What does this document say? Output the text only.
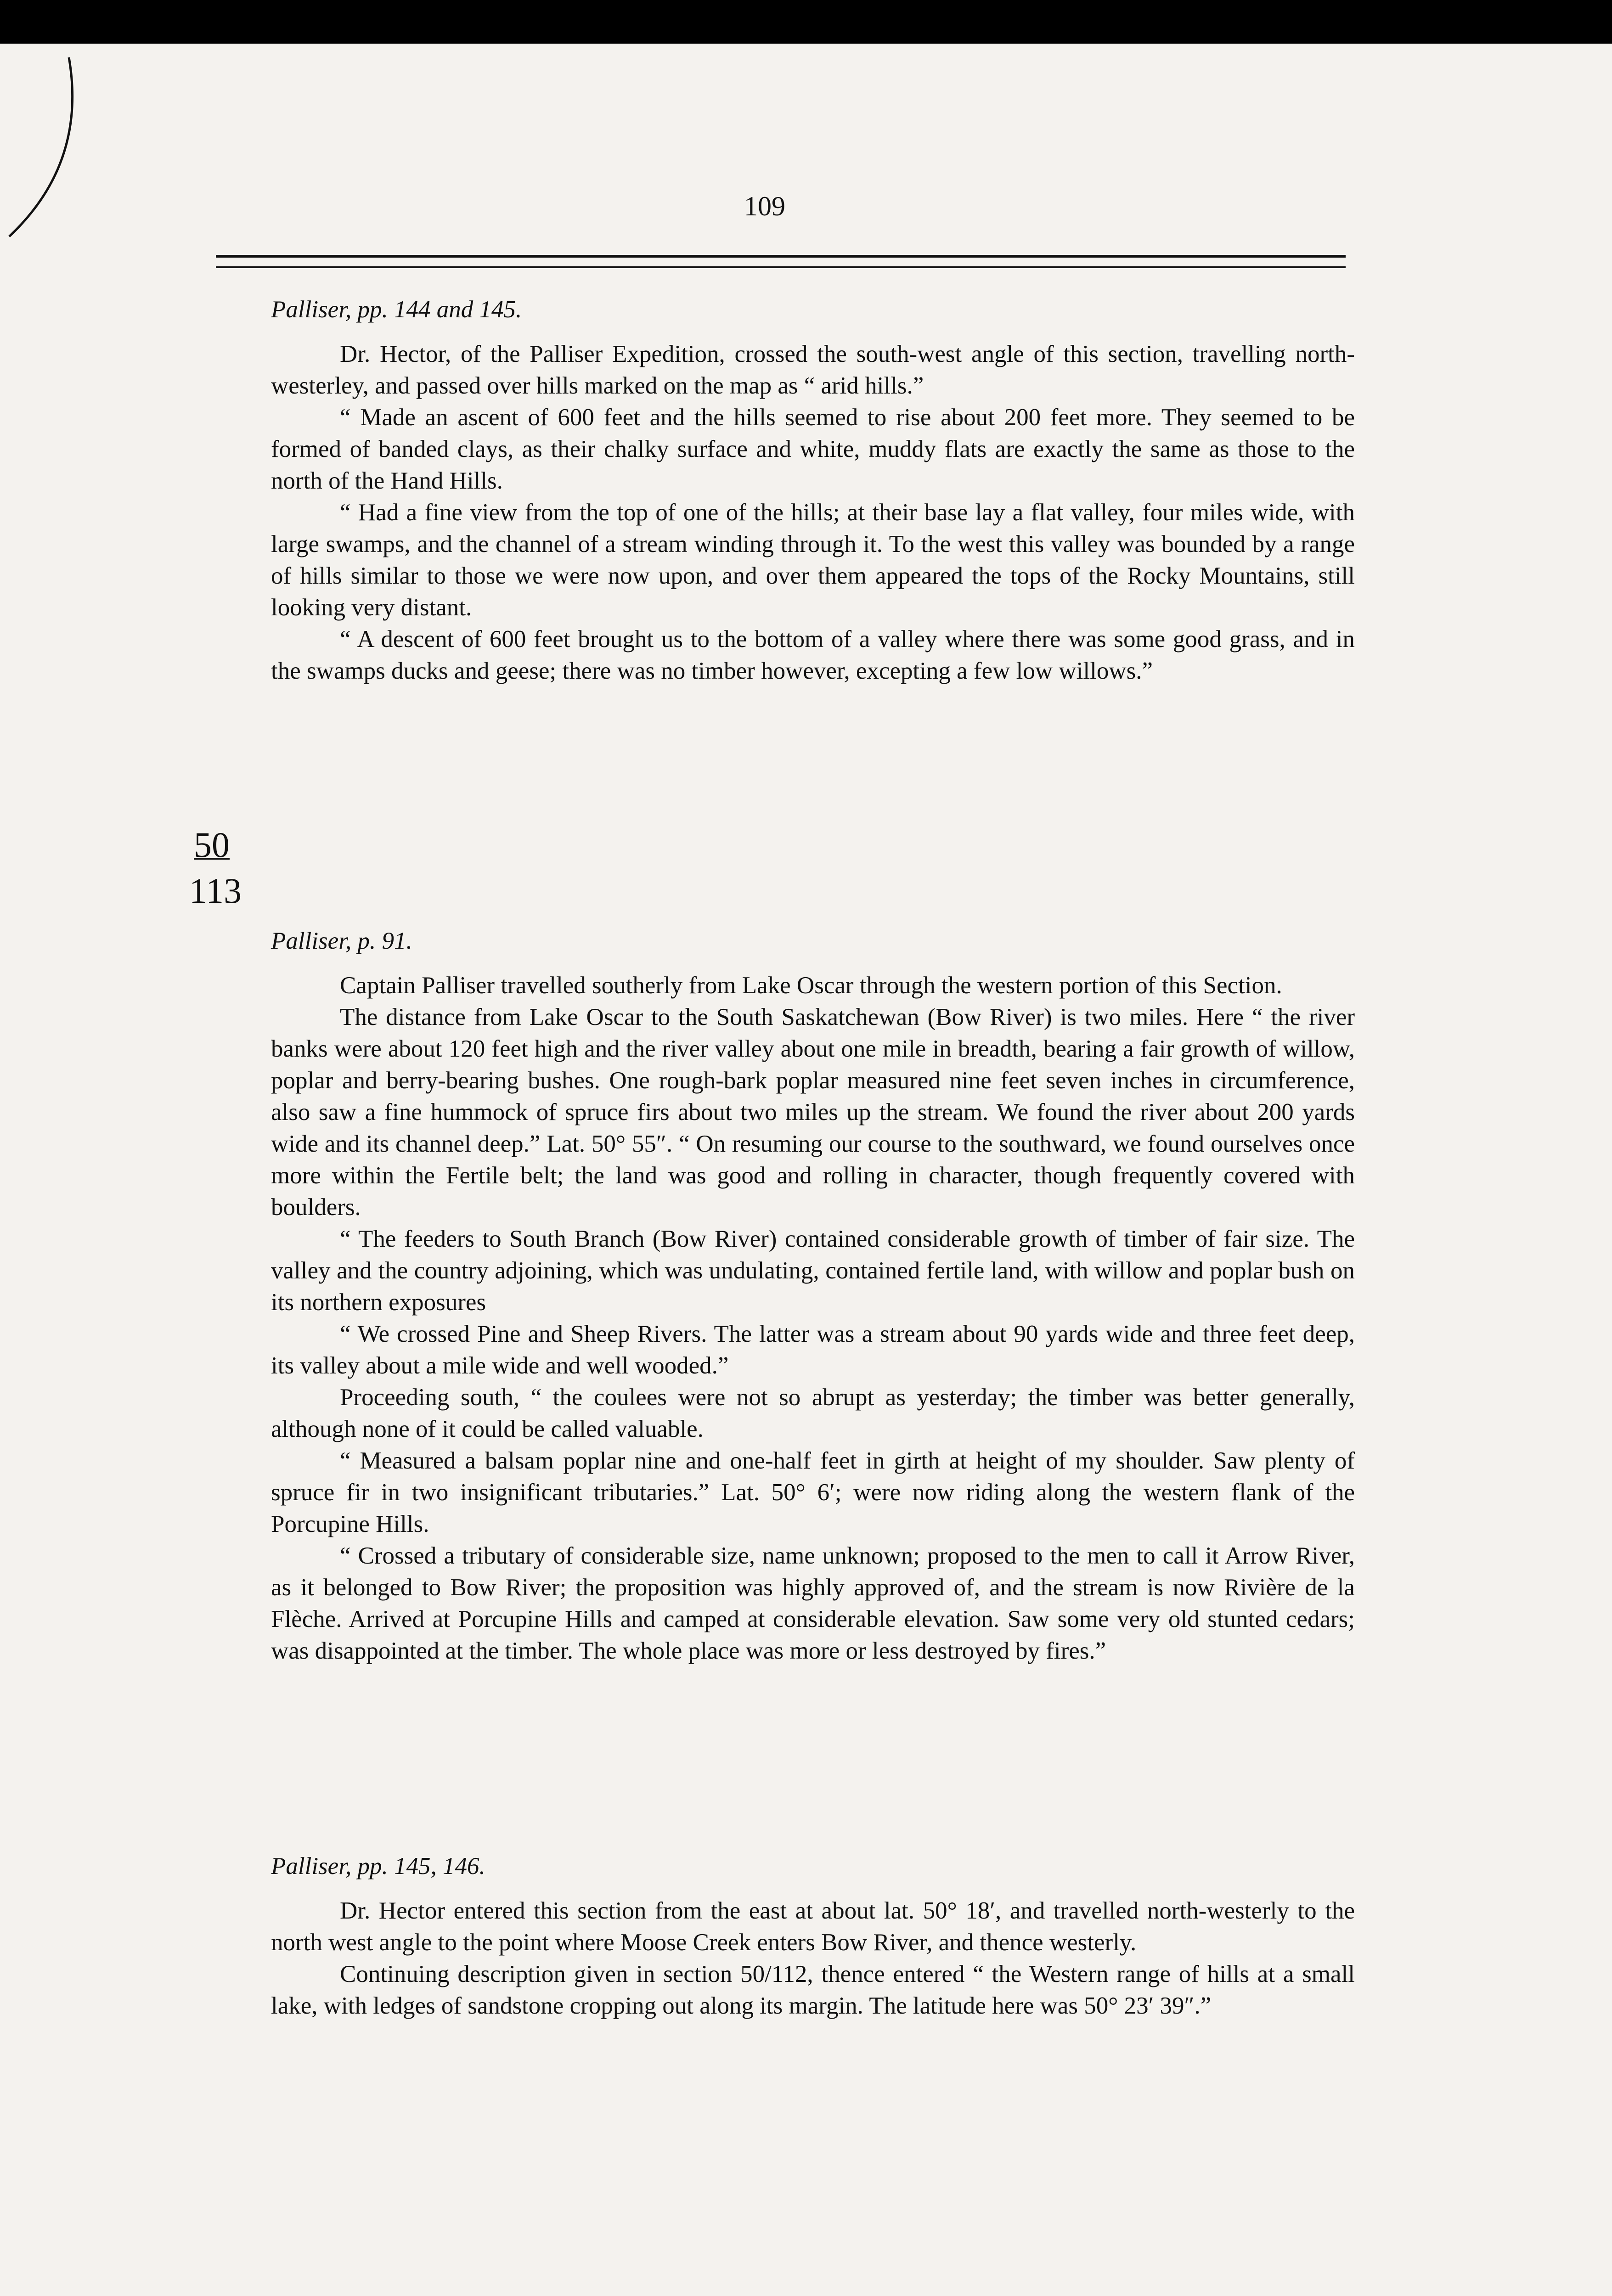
109

Palliser, pp. 144 and 145.

Dr. Hector, of the Palliser Expedition, crossed the south-west angle of this section, travelling north-westerley, and passed over hills marked on the map as “ arid hills.”

“ Made an ascent of 600 feet and the hills seemed to rise about 200 feet more. They seemed to be formed of banded clays, as their chalky surface and white, muddy flats are exactly the same as those to the north of the Hand Hills.

“ Had a fine view from the top of one of the hills; at their base lay a flat valley, four miles wide, with large swamps, and the channel of a stream winding through it. To the west this valley was bounded by a range of hills similar to those we were now upon, and over them appeared the tops of the Rocky Mountains, still looking very distant.

“ A descent of 600 feet brought us to the bottom of a valley where there was some good grass, and in the swamps ducks and geese; there was no timber however, excepting a few low willows.”

50
113

Palliser, p. 91.

Captain Palliser travelled southerly from Lake Oscar through the western portion of this Section.

The distance from Lake Oscar to the South Saskatchewan (Bow River) is two miles. Here “ the river banks were about 120 feet high and the river valley about one mile in breadth, bearing a fair growth of willow, poplar and berry-bearing bushes. One rough-bark poplar measured nine feet seven inches in circumference, also saw a fine hummock of spruce firs about two miles up the stream. We found the river about 200 yards wide and its channel deep.” Lat. 50° 55″. “ On resuming our course to the southward, we found ourselves once more within the Fertile belt; the land was good and rolling in character, though frequently covered with boulders.

“ The feeders to South Branch (Bow River) contained considerable growth of timber of fair size. The valley and the country adjoining, which was undulating, contained fertile land, with willow and poplar bush on its northern exposures

“ We crossed Pine and Sheep Rivers. The latter was a stream about 90 yards wide and three feet deep, its valley about a mile wide and well wooded.”

Proceeding south, “ the coulees were not so abrupt as yesterday; the timber was better generally, although none of it could be called valuable.

“ Measured a balsam poplar nine and one-half feet in girth at height of my shoulder. Saw plenty of spruce fir in two insignificant tributaries.” Lat. 50° 6′; were now riding along the western flank of the Porcupine Hills.

“ Crossed a tributary of considerable size, name unknown; proposed to the men to call it Arrow River, as it belonged to Bow River; the proposition was highly approved of, and the stream is now Rivière de la Flèche. Arrived at Porcupine Hills and camped at considerable elevation. Saw some very old stunted cedars; was disappointed at the timber. The whole place was more or less destroyed by fires.”

Palliser, pp. 145, 146.

Dr. Hector entered this section from the east at about lat. 50° 18′, and travelled north-westerly to the north west angle to the point where Moose Creek enters Bow River, and thence westerly.

Continuing description given in section 50/112, thence entered “ the Western range of hills at a small lake, with ledges of sandstone cropping out along its margin. The latitude here was 50° 23′ 39″.”
